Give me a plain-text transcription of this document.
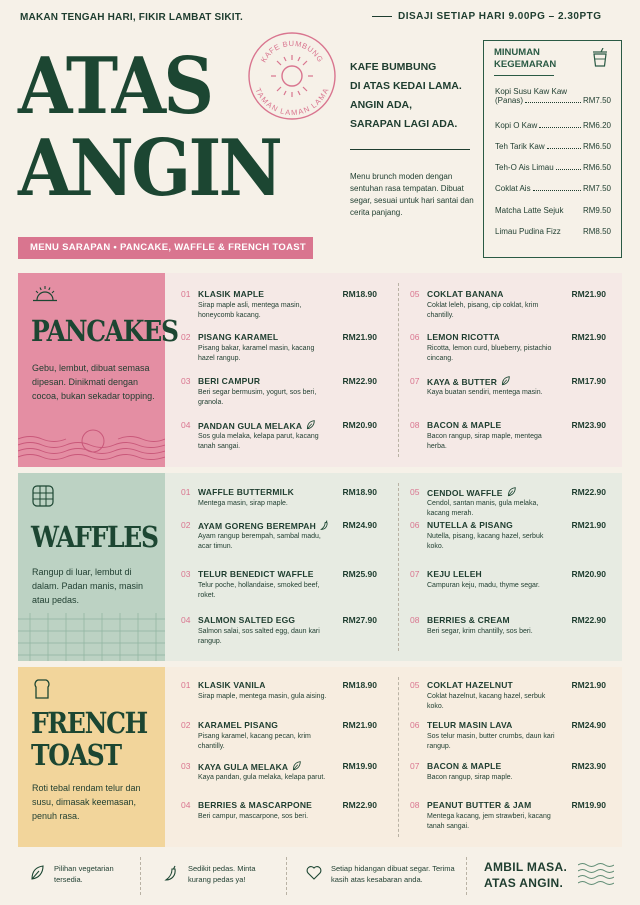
MAKAN TENGAH HARI, FIKIR LAMBAT SIKIT.	DISAJI SETIAP HARI 9.00PG – 2.30PTG
ATAS
ANGIN
KAFE BUMBUNG
TAMAN LAMAN LAMA
KAFE BUMBUNG
DI ATAS KEDAI LAMA.
ANGIN ADA,
SARAPAN LAGI ADA.
Menu brunch moden dengan sentuhan rasa tempatan. Dibuat segar, sesuai untuk hari santai dan cerita panjang.
MINUMAN
KEGEMARAN
Kopi Susu Kaw Kaw
(Panas)	RM7.50
Kopi O Kaw	RM6.20
Teh Tarik Kaw	RM6.50
Teh-O Ais Limau	RM6.50
Coklat Ais	RM7.50
Matcha Latte Sejuk RM9.50
Limau Pudina Fizz	RM8.50
MENU SARAPAN • PANCAKE, WAFFLE & FRENCH TOAST
PANCAKES
Gebu, lembut, dibuat semasa dipesan. Dinikmati dengan cocoa, bukan sekadar topping.
01 KLASIK MAPLE	RM18.90
Sirap maple asli, mentega masin, honeycomb kacang.
02 PISANG KARAMEL	RM21.90
Pisang bakar, karamel masin, kacang hazel rangup.
03 BERI CAMPUR	RM22.90
Beri segar bermusim, yogurt, sos beri, granola.
04 PANDAN GULA MELAKA	RM20.90
Sos gula melaka, kelapa parut, kacang tanah sangai.
05 COKLAT BANANA	RM21.90
Coklat leleh, pisang, cip coklat, krim chantilly.
06 LEMON RICOTTA	RM21.90
Ricotta, lemon curd, blueberry, pistachio cincang.
07 KAYA & BUTTER	RM17.90
Kaya buatan sendiri, mentega masin.
08 BACON & MAPLE	RM23.90
Bacon rangup, sirap maple, mentega herba.
WAFFLES
Rangup di luar, lembut di dalam. Padan manis, masin atau pedas.
01 WAFFLE BUTTERMILK	RM18.90
Mentega masin, sirap maple.
02 AYAM GORENG BEREMPAH	RM24.90
Ayam rangup berempah, sambal madu, acar timun.
03 TELUR BENEDICT WAFFLE	RM25.90
Telur poche, hollandaise, smoked beef, roket.
04 SALMON SALTED EGG	RM27.90
Salmon salai, sos salted egg, daun kari rangup.
05 CENDOL WAFFLE	RM22.90
Cendol, santan manis, gula melaka, kacang merah.
06 NUTELLA & PISANG	RM21.90
Nutella, pisang, kacang hazel, serbuk koko.
07 KEJU LELEH	RM20.90
Campuran keju, madu, thyme segar.
08 BERRIES & CREAM	RM22.90
Beri segar, krim chantilly, sos beri.
FRENCH
TOAST
Roti tebal rendam telur dan susu, dimasak keemasan, penuh rasa.
01 KLASIK VANILA	RM18.90
Sirap maple, mentega masin, gula aising.
02 KARAMEL PISANG	RM21.90
Pisang karamel, kacang pecan, krim chantilly.
03 KAYA GULA MELAKA	RM19.90
Kaya pandan, gula melaka, kelapa parut.
04 BERRIES & MASCARPONE	RM22.90
Beri campur, mascarpone, sos beri.
05 COKLAT HAZELNUT	RM21.90
Coklat hazelnut, kacang hazel, serbuk koko.
06 TELUR MASIN LAVA	RM24.90
Sos telur masin, butter crumbs, daun kari rangup.
07 BACON & MAPLE	RM23.90
Bacon rangup, sirap maple.
08 PEANUT BUTTER & JAM	RM19.90
Mentega kacang, jem strawberi, kacang tanah sangai.
Pilihan vegetarian tersedia.
Sedikit pedas. Minta kurang pedas ya!
Setiap hidangan dibuat segar. Terima kasih atas kesabaran anda.
AMBIL MASA.
ATAS ANGIN.
